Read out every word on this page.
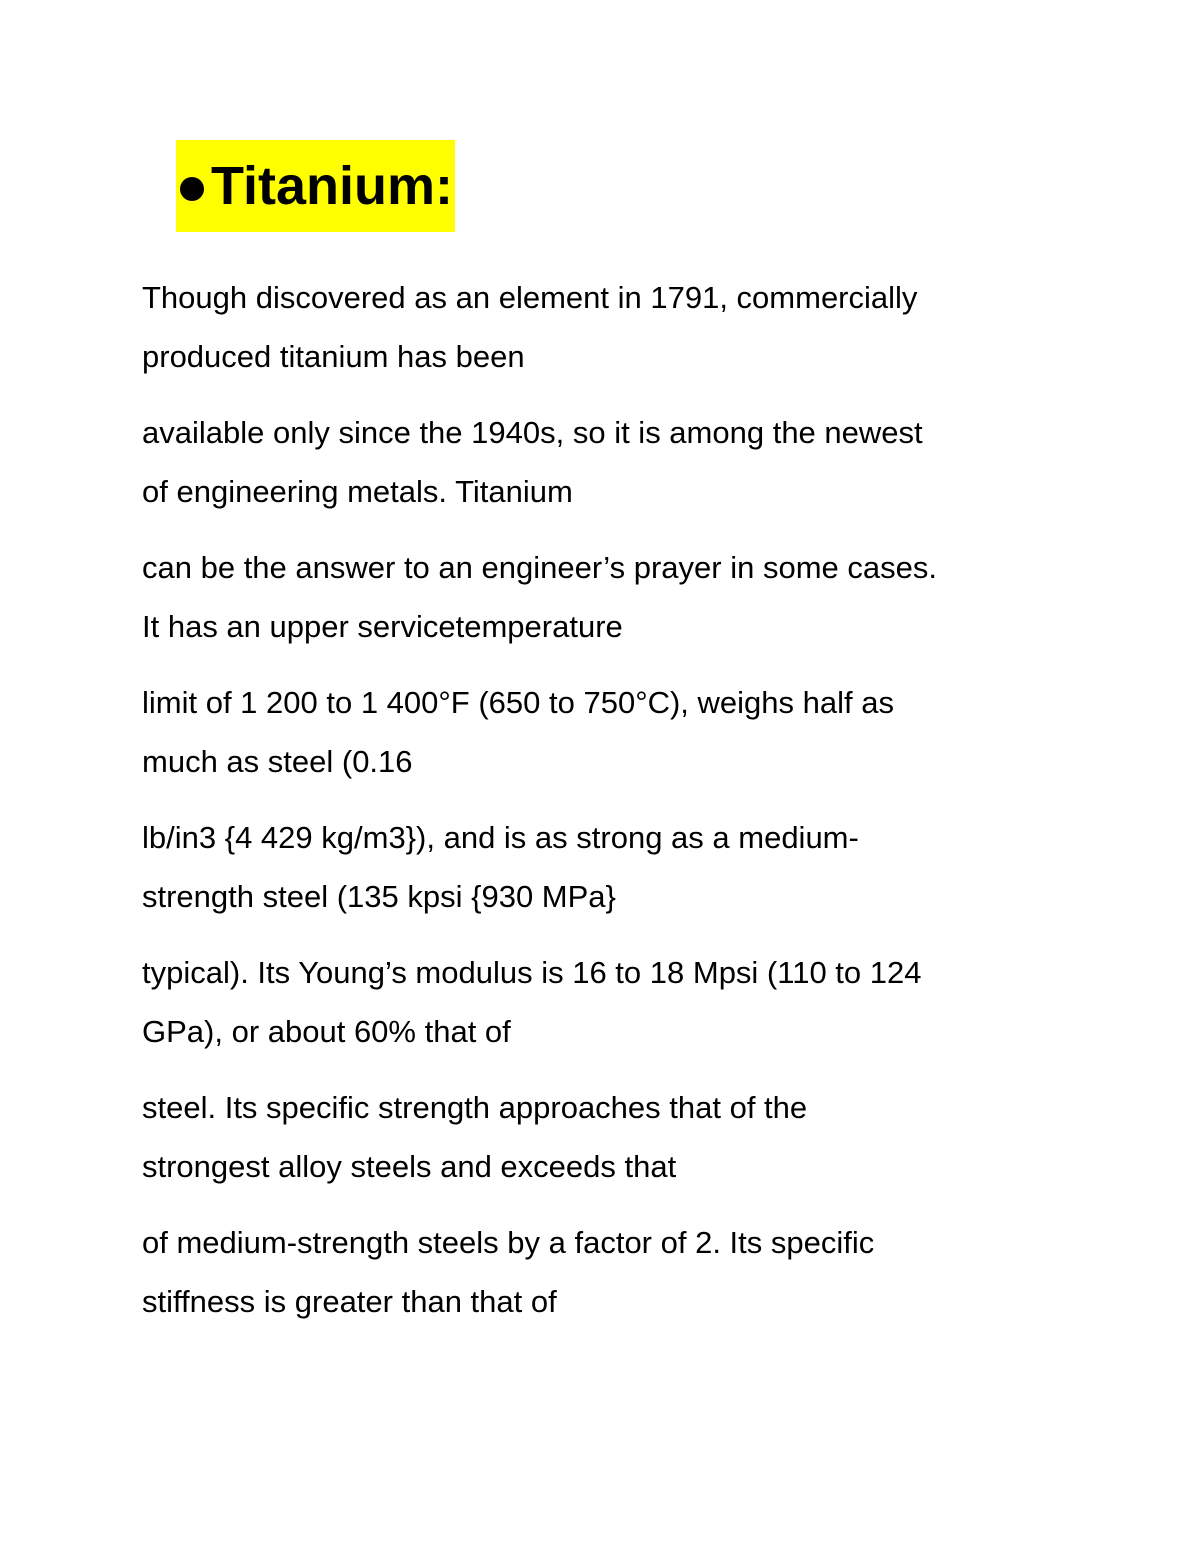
Titanium:

Though discovered as an element in 1791, commercially
produced titanium has been

available only since the 1940s, so it is among the newest
of engineering metals. Titanium

can be the answer to an engineer’s prayer in some cases.
It has an upper servicetemperature

limit of 1 200 to 1 400°F (650 to 750°C), weighs half as
much as steel (0.16

lb/in3 {4 429 kg/m3}), and is as strong as a medium-
strength steel (135 kpsi {930 MPa}

typical). Its Young’s modulus is 16 to 18 Mpsi (110 to 124
GPa), or about 60% that of

steel. Its specific strength approaches that of the
strongest alloy steels and exceeds that

of medium-strength steels by a factor of 2. Its specific
stiffness is greater than that of
